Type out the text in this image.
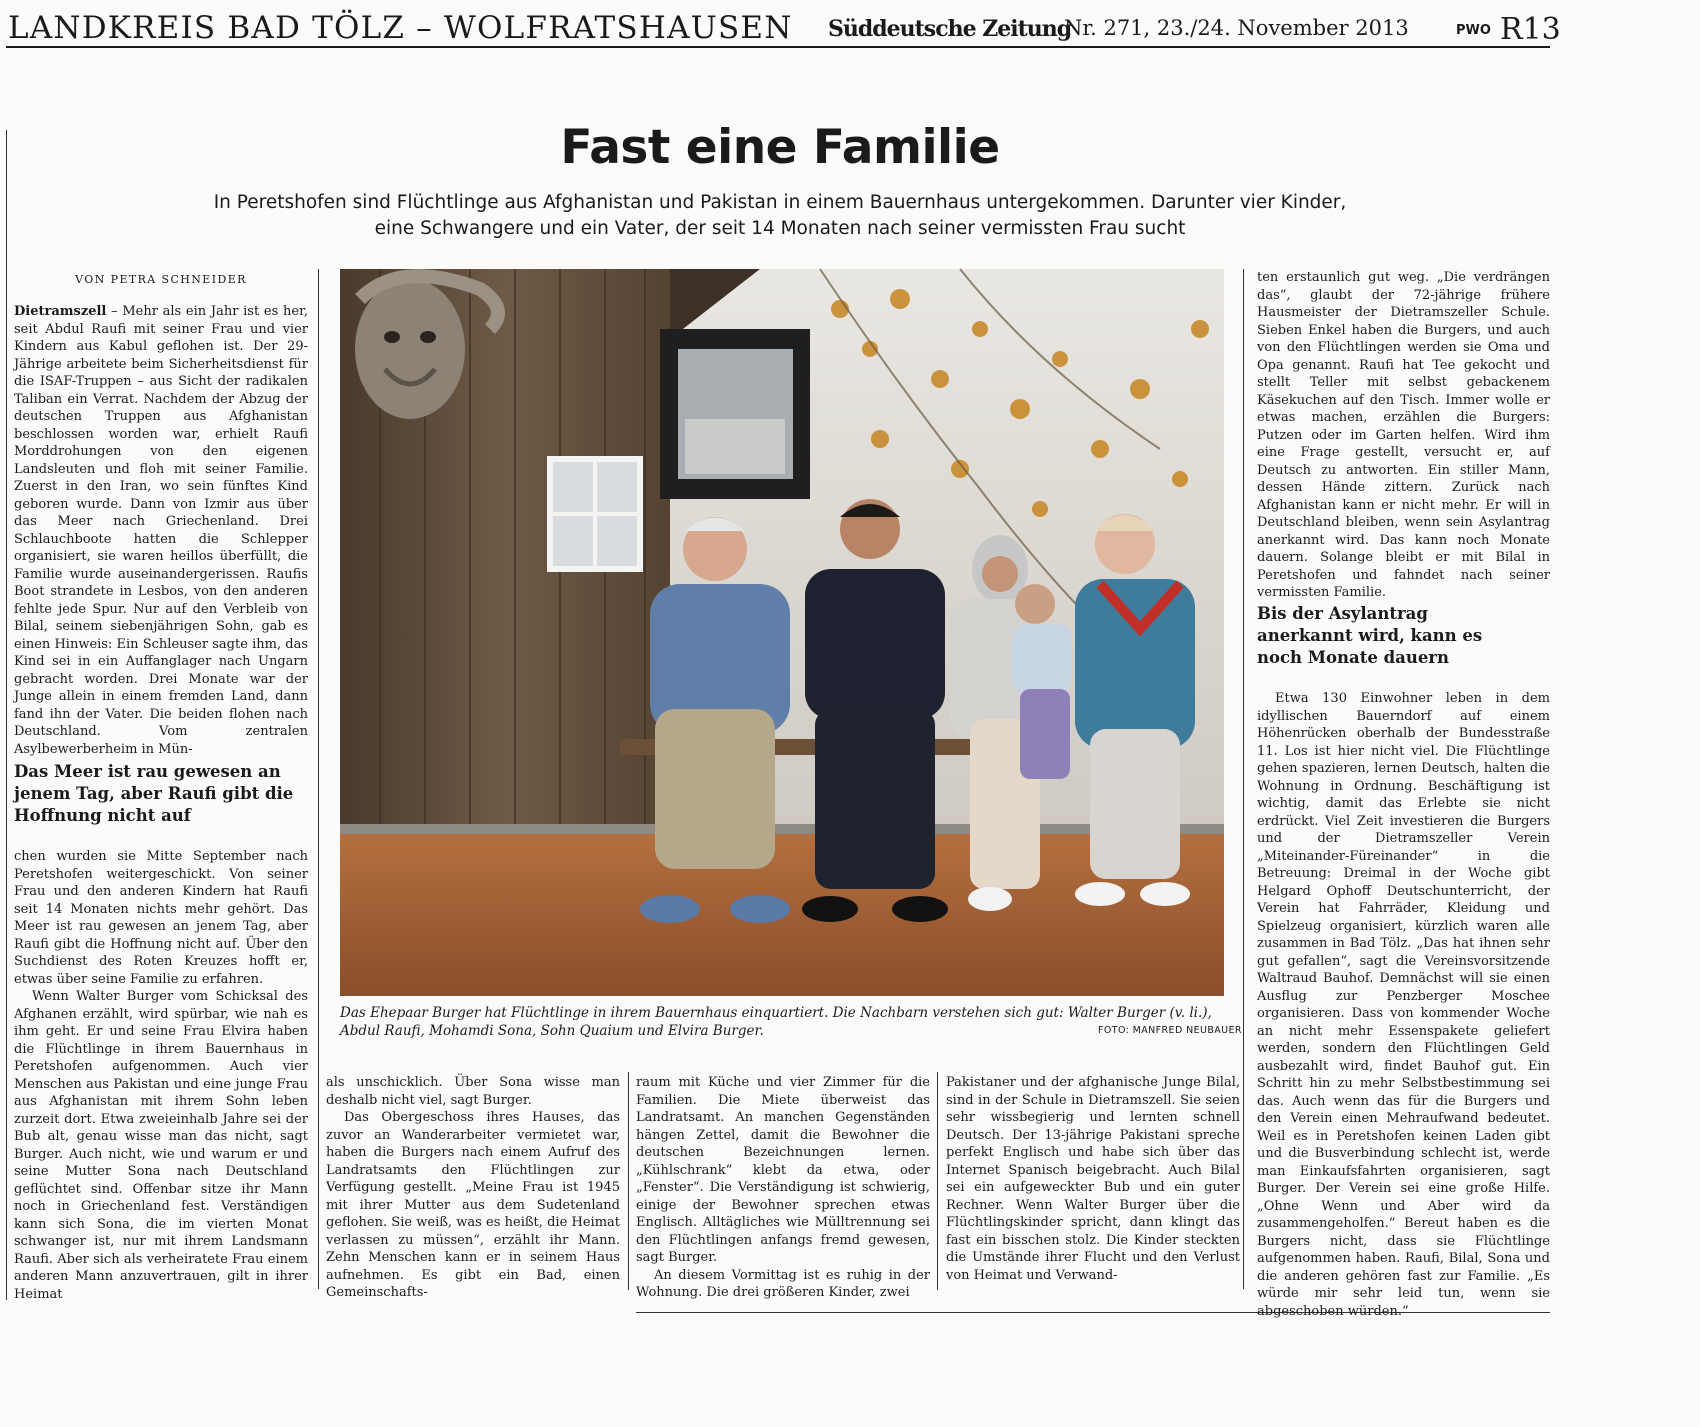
LANDKREIS BAD TÖLZ – WOLFRATSHAUSEN Süddeutsche Zeitung
Nr. 271, 23./24. November 2013	PWO R13
Fast eine Familie
In Peretshofen sind Flüchtlinge aus Afghanistan und Pakistan in einem Bauernhaus untergekommen. Darunter vier Kinder,
eine Schwangere und ein Vater, der seit 14 Monaten nach seiner vermissten Frau sucht
VON PETRA SCHNEIDER

Dietramszell – Mehr als ein Jahr ist es her, seit Abdul Raufi mit seiner Frau und vier Kindern aus Kabul geflohen ist. Der 29-Jährige arbeitete beim Sicherheitsdienst für die ISAF-Truppen – aus Sicht der radikalen Taliban ein Verrat. Nachdem der Abzug der deutschen Truppen aus Afghanistan beschlossen worden war, erhielt Raufi Morddrohungen von den eigenen Landsleuten und floh mit seiner Familie. Zuerst in den Iran, wo sein fünftes Kind geboren wurde. Dann von Izmir aus über das Meer nach Griechenland. Drei Schlauchboote hatten die Schlepper organisiert, sie waren heillos überfüllt, die Familie wurde auseinandergerissen. Raufis Boot strandete in Lesbos, von den anderen fehlte jede Spur. Nur auf den Verbleib von Bilal, seinem siebenjährigen Sohn, gab es einen Hinweis: Ein Schleuser sagte ihm, das Kind sei in ein Auffanglager nach Ungarn gebracht worden. Drei Monate war der Junge allein in einem fremden Land, dann fand ihn der Vater. Die beiden flohen nach Deutschland. Vom zentralen Asylbewerberheim in Mün-

Das Meer ist rau gewesen an jenem Tag, aber Raufi gibt die Hoffnung nicht auf

chen wurden sie Mitte September nach Peretshofen weitergeschickt. Von seiner Frau und den anderen Kindern hat Raufi seit 14 Monaten nichts mehr gehört. Das Meer ist rau gewesen an jenem Tag, aber Raufi gibt die Hoffnung nicht auf. Über den Suchdienst des Roten Kreuzes hofft er, etwas über seine Familie zu erfahren.

Wenn Walter Burger vom Schicksal des Afghanen erzählt, wird spürbar, wie nah es ihm geht. Er und seine Frau Elvira haben die Flüchtlinge in ihrem Bauernhaus in Peretshofen aufgenommen. Auch vier Menschen aus Pakistan und eine junge Frau aus Afghanistan mit ihrem Sohn leben zurzeit dort. Etwa zweieinhalb Jahre sei der Bub alt, genau wisse man das nicht, sagt Burger. Auch nicht, wie und warum er und seine Mutter Sona nach Deutschland geflüchtet sind. Offenbar sitze ihr Mann noch in Griechenland fest. Verständigen kann sich Sona, die im vierten Monat schwanger ist, nur mit ihrem Landsmann Raufi. Aber sich als verheiratete Frau einem anderen Mann anzuvertrauen, gilt in ihrer Heimat

Das Ehepaar Burger hat Flüchtlinge in ihrem Bauernhaus einquartiert. Die Nachbarn verstehen sich gut: Walter Burger (v. li.), Abdul Raufi, Mohamdi Sona, Sohn Quaium und Elvira Burger.	FOTO: MANFRED NEUBAUER

als unschicklich. Über Sona wisse man deshalb nicht viel, sagt Burger.

Das Obergeschoss ihres Hauses, das zuvor an Wanderarbeiter vermietet war, haben die Burgers nach einem Aufruf des Landratsamts den Flüchtlingen zur Verfügung gestellt. „Meine Frau ist 1945 mit ihrer Mutter aus dem Sudetenland geflohen. Sie weiß, was es heißt, die Heimat verlassen zu müssen“, erzählt ihr Mann. Zehn Menschen kann er in seinem Haus aufnehmen. Es gibt ein Bad, einen Gemeinschafts-

raum mit Küche und vier Zimmer für die Familien. Die Miete überweist das Landratsamt. An manchen Gegenständen hängen Zettel, damit die Bewohner die deutschen Bezeichnungen lernen. „Kühlschrank“ klebt da etwa, oder „Fenster“. Die Verständigung ist schwierig, einige der Bewohner sprechen etwas Englisch. Alltägliches wie Mülltrennung sei den Flüchtlingen anfangs fremd gewesen, sagt Burger.

An diesem Vormittag ist es ruhig in der Wohnung. Die drei größeren Kinder, zwei

Pakistaner und der afghanische Junge Bilal, sind in der Schule in Dietramszell. Sie seien sehr wissbegierig und lernten schnell Deutsch. Der 13-jährige Pakistani spreche perfekt Englisch und habe sich über das Internet Spanisch beigebracht. Auch Bilal sei ein aufgeweckter Bub und ein guter Rechner. Wenn Walter Burger über die Flüchtlingskinder spricht, dann klingt das fast ein bisschen stolz. Die Kinder steckten die Umstände ihrer Flucht und den Verlust von Heimat und Verwand-

ten erstaunlich gut weg. „Die verdrängen das“, glaubt der 72-jährige frühere Hausmeister der Dietramszeller Schule. Sieben Enkel haben die Burgers, und auch von den Flüchtlingen werden sie Oma und Opa genannt. Raufi hat Tee gekocht und stellt Teller mit selbst gebackenem Käsekuchen auf den Tisch. Immer wolle er etwas machen, erzählen die Burgers: Putzen oder im Garten helfen. Wird ihm eine Frage gestellt, versucht er, auf Deutsch zu antworten. Ein stiller Mann, dessen Hände zittern. Zurück nach Afghanistan kann er nicht mehr. Er will in Deutschland bleiben, wenn sein Asylantrag anerkannt wird. Das kann noch Monate dauern. Solange bleibt er mit Bilal in Peretshofen und fahndet nach seiner vermissten Familie.

Bis der Asylantrag anerkannt wird, kann es noch Monate dauern

Etwa 130 Einwohner leben in dem idyllischen Bauerndorf auf einem Höhenrücken oberhalb der Bundesstraße 11. Los ist hier nicht viel. Die Flüchtlinge gehen spazieren, lernen Deutsch, halten die Wohnung in Ordnung. Beschäftigung ist wichtig, damit das Erlebte sie nicht erdrückt. Viel Zeit investieren die Burgers und der Dietramszeller Verein „Miteinander-Füreinander“ in die Betreuung: Dreimal in der Woche gibt Helgard Ophoff Deutschunterricht, der Verein hat Fahrräder, Kleidung und Spielzeug organisiert, kürzlich waren alle zusammen in Bad Tölz. „Das hat ihnen sehr gut gefallen“, sagt die Vereinsvorsitzende Waltraud Bauhof. Demnächst will sie einen Ausflug zur Penzberger Moschee organisieren. Dass von kommender Woche an nicht mehr Essenspakete geliefert werden, sondern den Flüchtlingen Geld ausbezahlt wird, findet Bauhof gut. Ein Schritt hin zu mehr Selbstbestimmung sei das. Auch wenn das für die Burgers und den Verein einen Mehraufwand bedeutet. Weil es in Peretshofen keinen Laden gibt und die Busverbindung schlecht ist, werde man Einkaufsfahrten organisieren, sagt Burger. Der Verein sei eine große Hilfe. „Ohne Wenn und Aber wird da zusammengeholfen.“ Bereut haben es die Burgers nicht, dass sie Flüchtlinge aufgenommen haben. Raufi, Bilal, Sona und die anderen gehören fast zur Familie. „Es würde mir sehr leid tun, wenn sie abgeschoben würden.“
